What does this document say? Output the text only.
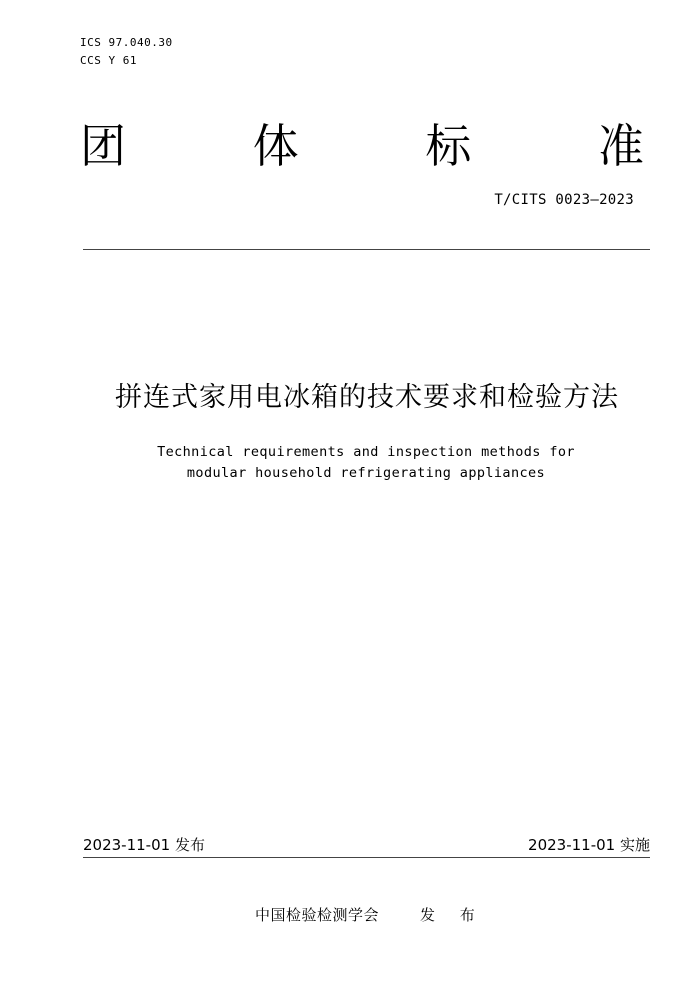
ICS 97.040.30
CCS Y 61
团	体	标	准
T/CITS 0023—2023
拼连式家用电冰箱的技术要求和检验方法
Technical requirements and inspection methods for
modular household refrigerating appliances
2023-11-01 发布	2023-11-01 实施
中国检验检测学会	发 布
